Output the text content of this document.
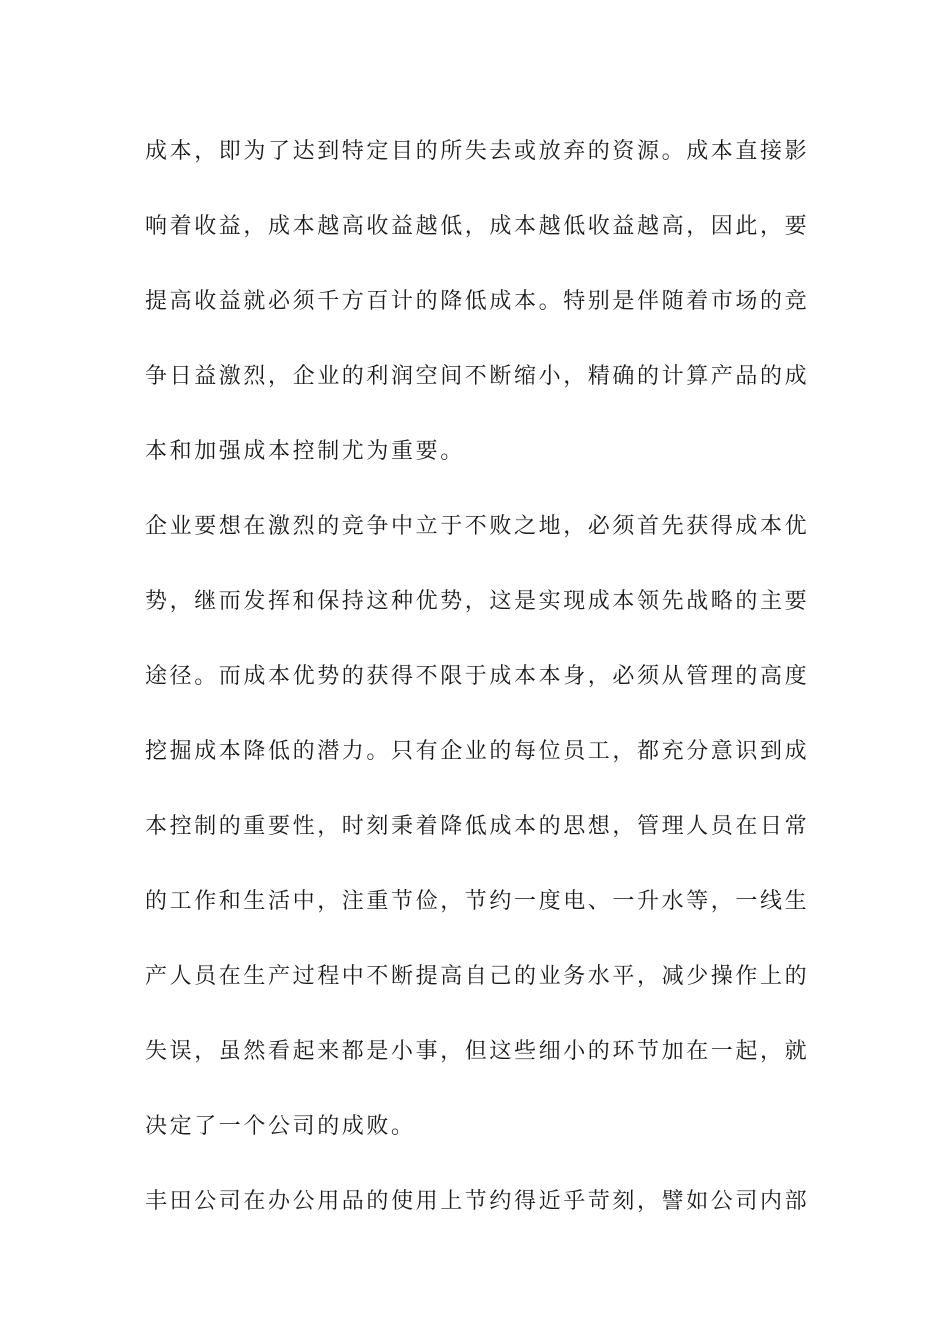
成本，即为了达到特定目的所失去或放弃的资源。成本直接影
响着收益，成本越高收益越低，成本越低收益越高，因此，要
提高收益就必须千方百计的降低成本。特别是伴随着市场的竞
争日益激烈，企业的利润空间不断缩小，精确的计算产品的成
本和加强成本控制尤为重要。
企业要想在激烈的竞争中立于不败之地，必须首先获得成本优
势，继而发挥和保持这种优势，这是实现成本领先战略的主要
途径。而成本优势的获得不限于成本本身，必须从管理的高度
挖掘成本降低的潜力。只有企业的每位员工，都充分意识到成
本控制的重要性，时刻秉着降低成本的思想，管理人员在日常
的工作和生活中，注重节俭，节约一度电、一升水等，一线生
产人员在生产过程中不断提高自己的业务水平，减少操作上的
失误，虽然看起来都是小事，但这些细小的环节加在一起，就
决定了一个公司的成败。
丰田公司在办公用品的使用上节约得近乎苛刻，譬如公司内部
